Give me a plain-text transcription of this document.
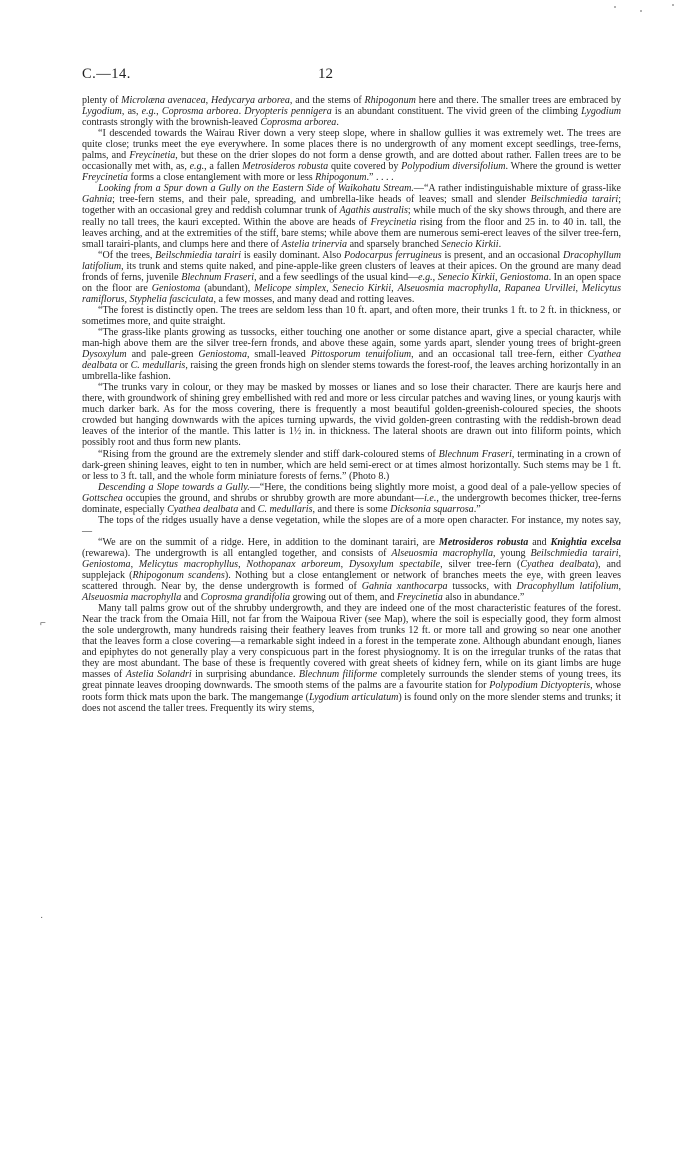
C.—14.	12

plenty of Microlæna avenacea, Hedycarya arborea, and the stems of Rhipogonum here and there. The smaller trees are embraced by Lygodium, as, e.g., Coprosma arborea. Dryopteris pennigera is an abundant constituent. The vivid green of the climbing Lygodium contrasts strongly with the brownish-leaved Coprosma arborea.

“I descended towards the Wairau River down a very steep slope, where in shallow gullies it was extremely wet. The trees are quite close; trunks meet the eye everywhere. In some places there is no undergrowth of any moment except seedlings, tree-ferns, palms, and Freycinetia, but these on the drier slopes do not form a dense growth, and are dotted about rather. Fallen trees are to be occasionally met with, as, e.g., a fallen Metrosideros robusta quite covered by Polypodium diversifolium. Where the ground is wetter Freycinetia forms a close entanglement with more or less Rhipogonum.” . . . .

Looking from a Spur down a Gully on the Eastern Side of Waikohatu Stream.—“A rather indistinguishable mixture of grass-like Gahnia; tree-fern stems, and their pale, spreading, and umbrella-like heads of leaves; small and slender Beilschmiedia tarairi; together with an occasional grey and reddish columnar trunk of Agathis australis; while much of the sky shows through, and there are really no tall trees, the kauri excepted. Within the above are heads of Freycinetia rising from the floor and 25 in. to 40 in. tall, the leaves arching, and at the extremities of the stiff, bare stems; while above them are numerous semi-erect leaves of the silver tree-fern, small tarairi-plants, and clumps here and there of Astelia trinervia and sparsely branched Senecio Kirkii.

“Of the trees, Beilschmiedia tarairi is easily dominant. Also Podocarpus ferrugineus is present, and an occasional Dracophyllum latifolium, its trunk and stems quite naked, and pine-apple-like green clusters of leaves at their apices. On the ground are many dead fronds of ferns, juvenile Blechnum Fraseri, and a few seedlings of the usual kind—e.g., Senecio Kirkii, Geniostoma. In an open space on the floor are Geniostoma (abundant), Melicope simplex, Senecio Kirkii, Alseuosmia macrophylla, Rapanea Urvillei, Melicytus ramiflorus, Styphelia fasciculata, a few mosses, and many dead and rotting leaves.

“The forest is distinctly open. The trees are seldom less than 10 ft. apart, and often more, their trunks 1 ft. to 2 ft. in thickness, or sometimes more, and quite straight.

“The grass-like plants growing as tussocks, either touching one another or some distance apart, give a special character, while man-high above them are the silver tree-fern fronds, and above these again, some yards apart, slender young trees of bright-green Dysoxylum and pale-green Geniostoma, small-leaved Pittosporum tenuifolium, and an occasional tall tree-fern, either Cyathea dealbata or C. medullaris, raising the green fronds high on slender stems towards the forest-roof, the leaves arching horizontally in an umbrella-like fashion.

“The trunks vary in colour, or they may be masked by mosses or lianes and so lose their character. There are kaurjs here and there, with groundwork of shining grey embellished with red and more or less circular patches and waving lines, or young kaurjs with much darker bark. As for the moss covering, there is frequently a most beautiful golden-greenish-coloured species, the shoots crowded but hanging downwards with the apices turning upwards, the vivid golden-green contrasting with the reddish-brown dead leaves of the interior of the mantle. This latter is 1½ in. in thickness. The lateral shoots are drawn out into filiform points, which possibly root and thus form new plants.

“Rising from the ground are the extremely slender and stiff dark-coloured stems of Blechnum Fraseri, terminating in a crown of dark-green shining leaves, eight to ten in number, which are held semi-erect or at times almost horizontally. Such stems may be 1 ft. or less to 3 ft. tall, and the whole form miniature forests of ferns.” (Photo 8.)

Descending a Slope towards a Gully.—“Here, the conditions being slightly more moist, a good deal of a pale-yellow species of Gottschea occupies the ground, and shrubs or shrubby growth are more abundant—i.e., the undergrowth becomes thicker, tree-ferns dominate, especially Cyathea dealbata and C. medullaris, and there is some Dicksonia squarrosa.”

The tops of the ridges usually have a dense vegetation, while the slopes are of a more open character. For instance, my notes say,—

“We are on the summit of a ridge. Here, in addition to the dominant tarairi, are Metrosideros robusta and Knightia excelsa (rewarewa). The undergrowth is all entangled together, and consists of Alseuosmia macrophylla, young Beilschmiedia tarairi, Geniostoma, Melicytus macrophyllus, Nothopanax arboreum, Dysoxylum spectabile, silver tree-fern (Cyathea dealbata), and supplejack (Rhipogonum scandens). Nothing but a close entanglement or network of branches meets the eye, with green leaves scattered through. Near by, the dense undergrowth is formed of Gahnia xanthocarpa tussocks, with Dracophyllum latifolium, Alseuosmia macrophylla and Coprosma grandifolia growing out of them, and Freycinetia also in abundance.”

Many tall palms grow out of the shrubby undergrowth, and they are indeed one of the most characteristic features of the forest. Near the track from the Omaia Hill, not far from the Waipoua River (see Map), where the soil is especially good, they form almost the sole undergrowth, many hundreds raising their feathery leaves from trunks 12 ft. or more tall and growing so near one another that the leaves form a close covering—a remarkable sight indeed in a forest in the temperate zone. Although abundant enough, lianes and epiphytes do not generally play a very conspicuous part in the forest physiognomy. It is on the irregular trunks of the ratas that they are most abundant. The base of these is frequently covered with great sheets of kidney fern, while on its giant limbs are huge masses of Astelia Solandri in surprising abundance. Blechnum filiforme completely surrounds the slender stems of young trees, its great pinnate leaves drooping downwards. The smooth stems of the palms are a favourite station for Polypodium Dictyopteris, whose roots form thick mats upon the bark. The mangemange (Lygodium articulatum) is found only on the more slender stems and trunks; it does not ascend the taller trees. Frequently its wiry stems,

⌐
·
